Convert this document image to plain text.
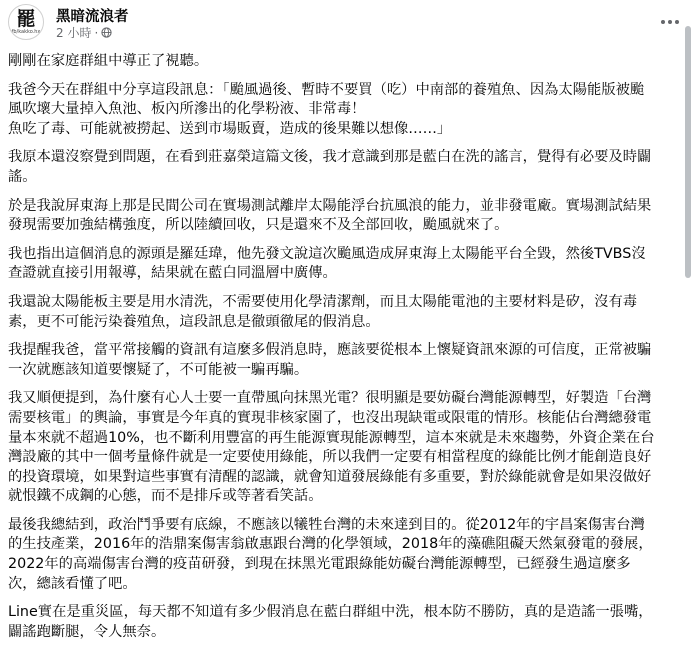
罷
fb/kakko.hx
黑暗流浪者
2 小時 ·

剛剛在家庭群組中導正了視聽。

我爸今天在群組中分享這段訊息：「颱風過後、暫時不要買（吃）中南部的養殖魚、因為太陽能版被颱
風吹壞大量掉入魚池、板內所滲出的化學粉液、非常毒！
魚吃了毒、可能就被撈起、送到市場販賣，造成的後果難以想像……」

我原本還沒察覺到問題，在看到莊嘉榮這篇文後，我才意識到那是藍白在洗的謠言，覺得有必要及時闢
謠。

於是我說屏東海上那是民間公司在實場測試離岸太陽能浮台抗風浪的能力，並非發電廠。實場測試結果
發現需要加強結構強度，所以陸續回收，只是還來不及全部回收，颱風就來了。

我也指出這個消息的源頭是羅廷瑋，他先發文說這次颱風造成屏東海上太陽能平台全毀，然後TVBS沒
查證就直接引用報導，結果就在藍白同溫層中廣傳。

我還說太陽能板主要是用水清洗，不需要使用化學清潔劑，而且太陽能電池的主要材料是矽，沒有毒
素，更不可能污染養殖魚，這段訊息是徹頭徹尾的假消息。

我提醒我爸，當平常接觸的資訊有這麼多假消息時，應該要從根本上懷疑資訊來源的可信度，正常被騙
一次就應該知道要懷疑了，不可能被一騙再騙。

我又順便提到，為什麼有心人士要一直帶風向抹黑光電？很明顯是要妨礙台灣能源轉型，好製造「台灣
需要核電」的輿論，事實是今年真的實現非核家園了，也沒出現缺電或限電的情形。核能佔台灣總發電
量本來就不超過10%，也不斷利用豐富的再生能源實現能源轉型，這本來就是未來趨勢，外資企業在台
灣設廠的其中一個考量條件就是一定要使用綠能，所以我們一定要有相當程度的綠能比例才能創造良好
的投資環境，如果對這些事實有清醒的認識，就會知道發展綠能有多重要，對於綠能就會是如果沒做好
就恨鐵不成鋼的心態，而不是排斥或等著看笑話。

最後我總結到，政治鬥爭要有底線，不應該以犧牲台灣的未來達到目的。從2012年的宇昌案傷害台灣
的生技產業，2016年的浩鼎案傷害翁啟惠跟台灣的化學領域，2018年的藻礁阻礙天然氣發電的發展，
2022年的高端傷害台灣的疫苗研發，到現在抹黑光電跟綠能妨礙台灣能源轉型，已經發生過這麼多
次，總該看懂了吧。

Line實在是重災區，每天都不知道有多少假消息在藍白群組中洗，根本防不勝防，真的是造謠一張嘴，
闢謠跑斷腿，令人無奈。
